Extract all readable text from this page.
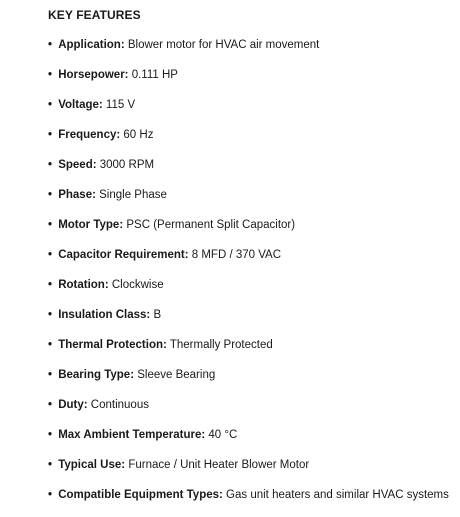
KEY FEATURES
• Application: Blower motor for HVAC air movement
• Horsepower: 0.111 HP
• Voltage: 115 V
• Frequency: 60 Hz
• Speed: 3000 RPM
• Phase: Single Phase
• Motor Type: PSC (Permanent Split Capacitor)
• Capacitor Requirement: 8 MFD / 370 VAC
• Rotation: Clockwise
• Insulation Class: B
• Thermal Protection: Thermally Protected
• Bearing Type: Sleeve Bearing
• Duty: Continuous
• Max Ambient Temperature: 40 °C
• Typical Use: Furnace / Unit Heater Blower Motor
• Compatible Equipment Types: Gas unit heaters and similar HVAC systems
